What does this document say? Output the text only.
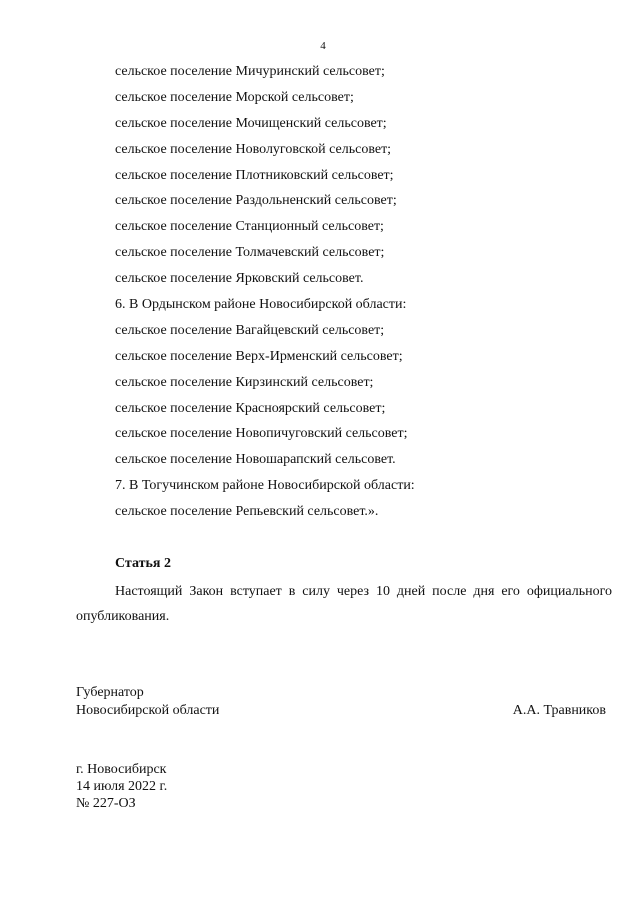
4
сельское поселение Мичуринский сельсовет;
сельское поселение Морской сельсовет;
сельское поселение Мочищенский сельсовет;
сельское поселение Новолуговской сельсовет;
сельское поселение Плотниковский сельсовет;
сельское поселение Раздольненский сельсовет;
сельское поселение Станционный сельсовет;
сельское поселение Толмачевский сельсовет;
сельское поселение Ярковский сельсовет.
6. В Ордынском районе Новосибирской области:
сельское поселение Вагайцевский сельсовет;
сельское поселение Верх-Ирменский сельсовет;
сельское поселение Кирзинский сельсовет;
сельское поселение Красноярский сельсовет;
сельское поселение Новопичуговский сельсовет;
сельское поселение Новошарапский сельсовет.
7. В Тогучинском районе Новосибирской области:
сельское поселение Репьевский сельсовет.».
Статья 2
Настоящий Закон вступает в силу через 10 дней после дня его официального опубликования.
Губернатор
Новосибирской области	А.А. Травников
г. Новосибирск
14 июля 2022 г.
№ 227-ОЗ
